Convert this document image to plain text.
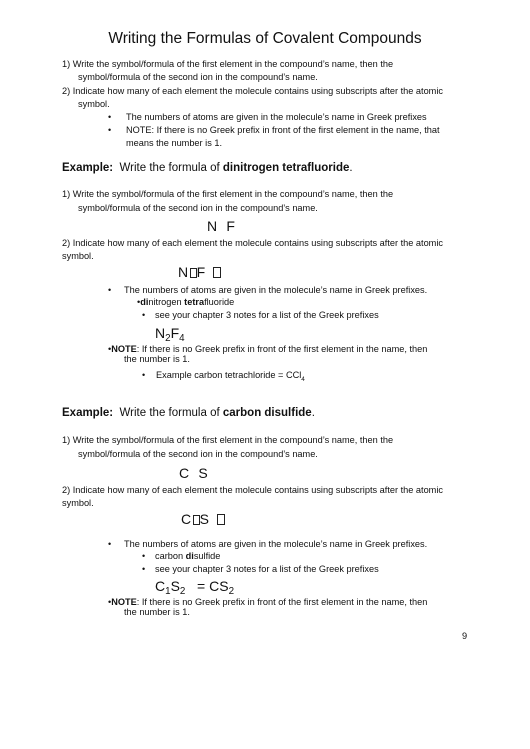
Writing the Formulas of Covalent Compounds
1) Write the symbol/formula of the first element in the compound’s name, then the
symbol/formula of the second ion in the compound’s name.
2) Indicate how many of each element the molecule contains using subscripts after the atomic
symbol.
• The numbers of atoms are given in the molecule’s name in Greek prefixes
• NOTE: If there is no Greek prefix in front of the first element in the name, that
means the number is 1.
Example: Write the formula of dinitrogen tetrafluoride.
1) Write the symbol/formula of the first element in the compound’s name, then the
symbol/formula of the second ion in the compound’s name.
N F
2) Indicate how many of each element the molecule contains using subscripts after the atomic
symbol.
N F
• The numbers of atoms are given in the molecule’s name in Greek prefixes.
•dinitrogen tetrafluoride
• see your chapter 3 notes for a list of the Greek prefixes
$N_2F_4$
•NOTE: If there is no Greek prefix in front of the first element in the name, then
the number is 1.
• Example carbon tetrachloride = CCl$_4$
Example: Write the formula of carbon disulfide.
1) Write the symbol/formula of the first element in the compound’s name, then the
symbol/formula of the second ion in the compound’s name.
C S
2) Indicate how many of each element the molecule contains using subscripts after the atomic
symbol.
C S
• The numbers of atoms are given in the molecule’s name in Greek prefixes.
• carbon disulfide
• see your chapter 3 notes for a list of the Greek prefixes
$C_1S_2 = CS_2$
•NOTE: If there is no Greek prefix in front of the first element in the name, then
the number is 1.
9
